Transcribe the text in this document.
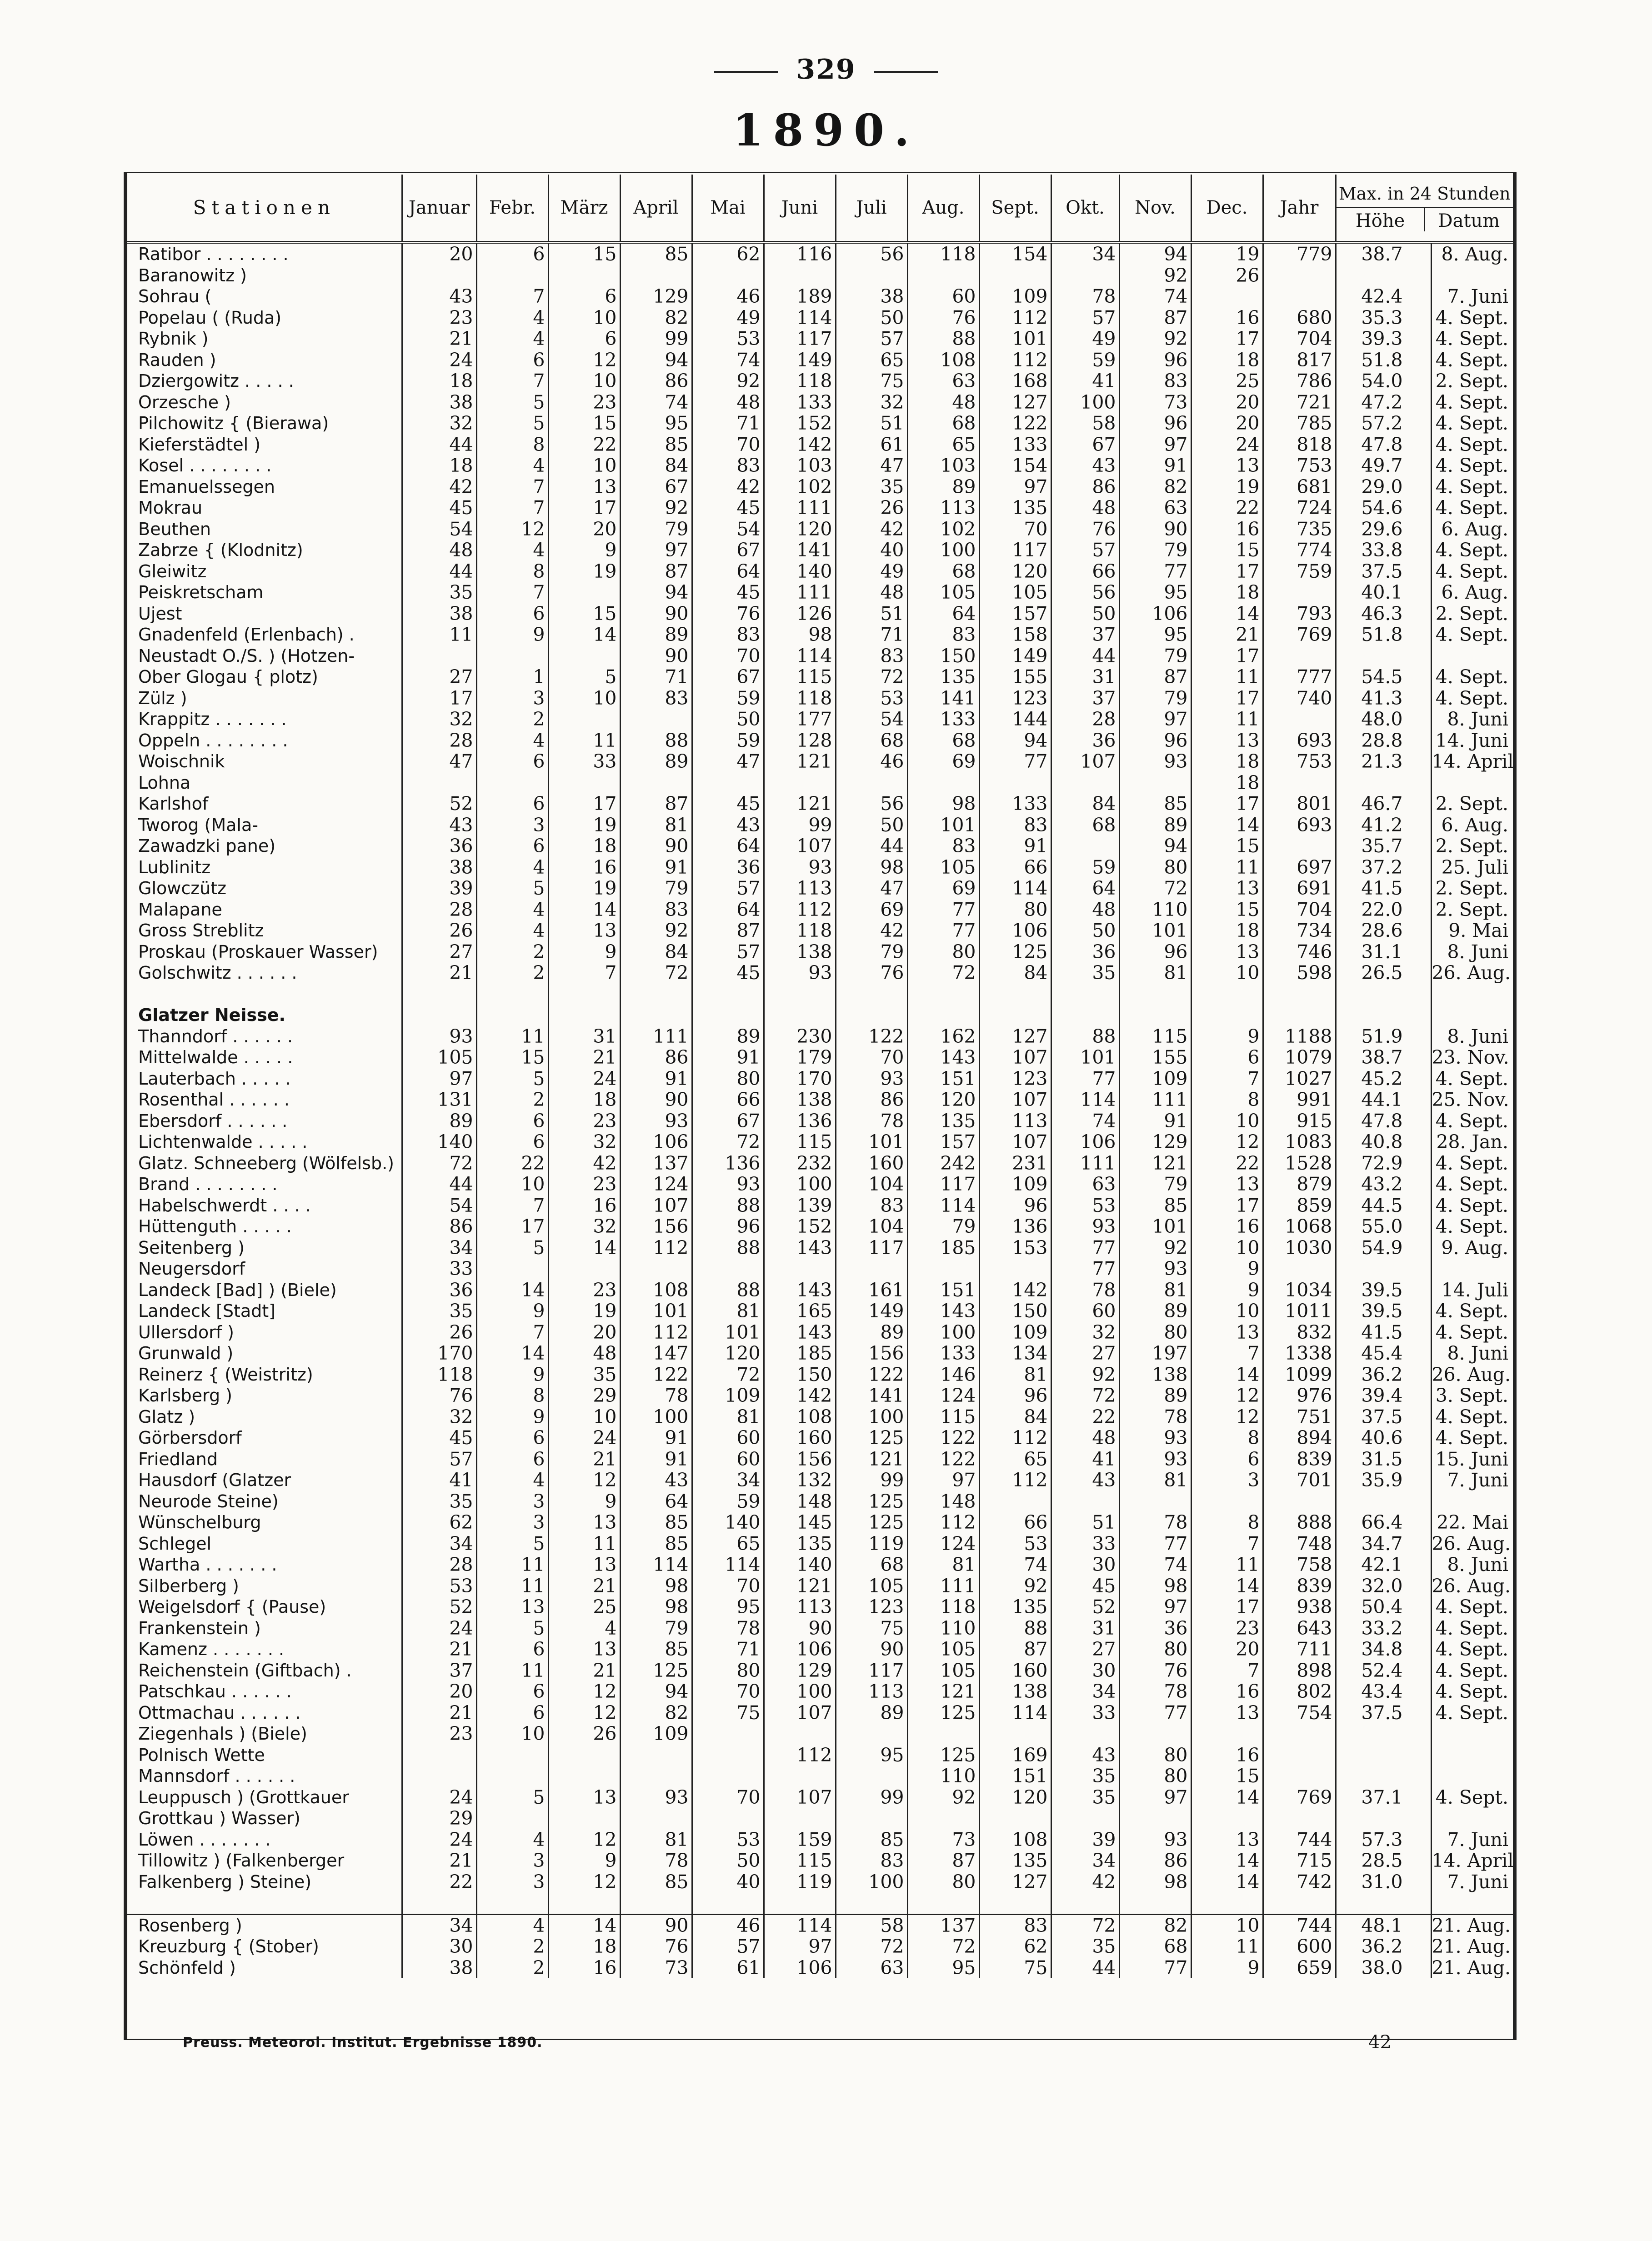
329
1890.
Stationen	Januar	Febr.	März	April	Mai	Juni	Juli	Aug.	Sept.	Okt.	Nov.	Dec.	Jahr	Max. in 24 Stunden
Höhe Datum	

Ratibor . . . . . . . .	20	6	15	85	62	116	56	118	154	34	94	19	779	38.7	8. Aug.
Baranowitz )											92	26			
Sohrau (	43	7	6	129	46	189	38	60	109	78	74			42.4	7. Juni
Popelau ( (Ruda)	23	4	10	82	49	114	50	76	112	57	87	16	680	35.3	4. Sept.
Rybnik )	21	4	6	99	53	117	57	88	101	49	92	17	704	39.3	4. Sept.
Rauden )	24	6	12	94	74	149	65	108	112	59	96	18	817	51.8	4. Sept.
Dziergowitz . . . . .	18	7	10	86	92	118	75	63	168	41	83	25	786	54.0	2. Sept.
Orzesche )	38	5	23	74	48	133	32	48	127	100	73	20	721	47.2	4. Sept.
Pilchowitz { (Bierawa)	32	5	15	95	71	152	51	68	122	58	96	20	785	57.2	4. Sept.
Kieferstädtel )	44	8	22	85	70	142	61	65	133	67	97	24	818	47.8	4. Sept.
Kosel . . . . . . . .	18	4	10	84	83	103	47	103	154	43	91	13	753	49.7	4. Sept.
Emanuelssegen	42	7	13	67	42	102	35	89	97	86	82	19	681	29.0	4. Sept.
Mokrau	45	7	17	92	45	111	26	113	135	48	63	22	724	54.6	4. Sept.
Beuthen	54	12	20	79	54	120	42	102	70	76	90	16	735	29.6	6. Aug.
Zabrze { (Klodnitz)	48	4	9	97	67	141	40	100	117	57	79	15	774	33.8	4. Sept.
Gleiwitz	44	8	19	87	64	140	49	68	120	66	77	17	759	37.5	4. Sept.
Peiskretscham	35	7		94	45	111	48	105	105	56	95	18		40.1	6. Aug.
Ujest	38	6	15	90	76	126	51	64	157	50	106	14	793	46.3	2. Sept.
Gnadenfeld (Erlenbach) .	11	9	14	89	83	98	71	83	158	37	95	21	769	51.8	4. Sept.
Neustadt O./S. ) (Hotzen-				90	70	114	83	150	149	44	79	17			
Ober Glogau { plotz)	27	1	5	71	67	115	72	135	155	31	87	11	777	54.5	4. Sept.
Zülz )	17	3	10	83	59	118	53	141	123	37	79	17	740	41.3	4. Sept.
Krappitz . . . . . . .	32	2			50	177	54	133	144	28	97	11		48.0	8. Juni
Oppeln . . . . . . . .	28	4	11	88	59	128	68	68	94	36	96	13	693	28.8	14. Juni
Woischnik	47	6	33	89	47	121	46	69	77	107	93	18	753	21.3	14. April
Lohna												18			
Karlshof	52	6	17	87	45	121	56	98	133	84	85	17	801	46.7	2. Sept.
Tworog (Mala-	43	3	19	81	43	99	50	101	83	68	89	14	693	41.2	6. Aug.
Zawadzki pane)	36	6	18	90	64	107	44	83	91		94	15		35.7	2. Sept.
Lublinitz	38	4	16	91	36	93	98	105	66	59	80	11	697	37.2	25. Juli
Glowczütz	39	5	19	79	57	113	47	69	114	64	72	13	691	41.5	2. Sept.
Malapane	28	4	14	83	64	112	69	77	80	48	110	15	704	22.0	2. Sept.
Gross Streblitz	26	4	13	92	87	118	42	77	106	50	101	18	734	28.6	9. Mai
Proskau (Proskauer Wasser)	27	2	9	84	57	138	79	80	125	36	96	13	746	31.1	8. Juni
Golschwitz . . . . . .	21	2	7	72	45	93	76	72	84	35	81	10	598	26.5	26. Aug.

Glatzer Neisse.															
Thanndorf . . . . . .	93	11	31	111	89	230	122	162	127	88	115	9	1188	51.9	8. Juni
Mittelwalde . . . . .	105	15	21	86	91	179	70	143	107	101	155	6	1079	38.7	23. Nov.
Lauterbach . . . . .	97	5	24	91	80	170	93	151	123	77	109	7	1027	45.2	4. Sept.
Rosenthal . . . . . .	131	2	18	90	66	138	86	120	107	114	111	8	991	44.1	25. Nov.
Ebersdorf . . . . . .	89	6	23	93	67	136	78	135	113	74	91	10	915	47.8	4. Sept.
Lichtenwalde . . . . .	140	6	32	106	72	115	101	157	107	106	129	12	1083	40.8	28. Jan.
Glatz. Schneeberg (Wölfelsb.)	72	22	42	137	136	232	160	242	231	111	121	22	1528	72.9	4. Sept.
Brand . . . . . . . .	44	10	23	124	93	100	104	117	109	63	79	13	879	43.2	4. Sept.
Habelschwerdt . . . .	54	7	16	107	88	139	83	114	96	53	85	17	859	44.5	4. Sept.
Hüttenguth . . . . .	86	17	32	156	96	152	104	79	136	93	101	16	1068	55.0	4. Sept.
Seitenberg )	34	5	14	112	88	143	117	185	153	77	92	10	1030	54.9	9. Aug.
Neugersdorf	33									77	93	9			
Landeck [Bad] ) (Biele)	36	14	23	108	88	143	161	151	142	78	81	9	1034	39.5	14. Juli
Landeck [Stadt]	35	9	19	101	81	165	149	143	150	60	89	10	1011	39.5	4. Sept.
Ullersdorf )	26	7	20	112	101	143	89	100	109	32	80	13	832	41.5	4. Sept.
Grunwald )	170	14	48	147	120	185	156	133	134	27	197	7	1338	45.4	8. Juni
Reinerz { (Weistritz)	118	9	35	122	72	150	122	146	81	92	138	14	1099	36.2	26. Aug.
Karlsberg )	76	8	29	78	109	142	141	124	96	72	89	12	976	39.4	3. Sept.
Glatz )	32	9	10	100	81	108	100	115	84	22	78	12	751	37.5	4. Sept.
Görbersdorf	45	6	24	91	60	160	125	122	112	48	93	8	894	40.6	4. Sept.
Friedland	57	6	21	91	60	156	121	122	65	41	93	6	839	31.5	15. Juni
Hausdorf (Glatzer	41	4	12	43	34	132	99	97	112	43	81	3	701	35.9	7. Juni
Neurode Steine)	35	3	9	64	59	148	125	148							
Wünschelburg	62	3	13	85	140	145	125	112	66	51	78	8	888	66.4	22. Mai
Schlegel	34	5	11	85	65	135	119	124	53	33	77	7	748	34.7	26. Aug.
Wartha . . . . . . .	28	11	13	114	114	140	68	81	74	30	74	11	758	42.1	8. Juni
Silberberg )	53	11	21	98	70	121	105	111	92	45	98	14	839	32.0	26. Aug.
Weigelsdorf { (Pause)	52	13	25	98	95	113	123	118	135	52	97	17	938	50.4	4. Sept.
Frankenstein )	24	5	4	79	78	90	75	110	88	31	36	23	643	33.2	4. Sept.
Kamenz . . . . . . .	21	6	13	85	71	106	90	105	87	27	80	20	711	34.8	4. Sept.
Reichenstein (Giftbach) .	37	11	21	125	80	129	117	105	160	30	76	7	898	52.4	4. Sept.
Patschkau . . . . . .	20	6	12	94	70	100	113	121	138	34	78	16	802	43.4	4. Sept.
Ottmachau . . . . . .	21	6	12	82	75	107	89	125	114	33	77	13	754	37.5	4. Sept.
Ziegenhals ) (Biele)	23	10	26	109											
Polnisch Wette						112	95	125	169	43	80	16			
Mannsdorf . . . . . .								110	151	35	80	15			
Leuppusch ) (Grottkauer	24	5	13	93	70	107	99	92	120	35	97	14	769	37.1	4. Sept.
Grottkau ) Wasser)	29														
Löwen . . . . . . .	24	4	12	81	53	159	85	73	108	39	93	13	744	57.3	7. Juni
Tillowitz ) (Falkenberger	21	3	9	78	50	115	83	87	135	34	86	14	715	28.5	14. April
Falkenberg ) Steine)	22	3	12	85	40	119	100	80	127	42	98	14	742	31.0	7. Juni

Rosenberg )	34	4	14	90	46	114	58	137	83	72	82	10	744	48.1	21. Aug.
Kreuzburg { (Stober)	30	2	18	76	57	97	72	72	62	35	68	11	600	36.2	21. Aug.
Schönfeld )	38	2	16	73	61	106	63	95	75	44	77	9	659	38.0	21. Aug.
Preuss. Meteorol. Institut. Ergebnisse 1890.	42
